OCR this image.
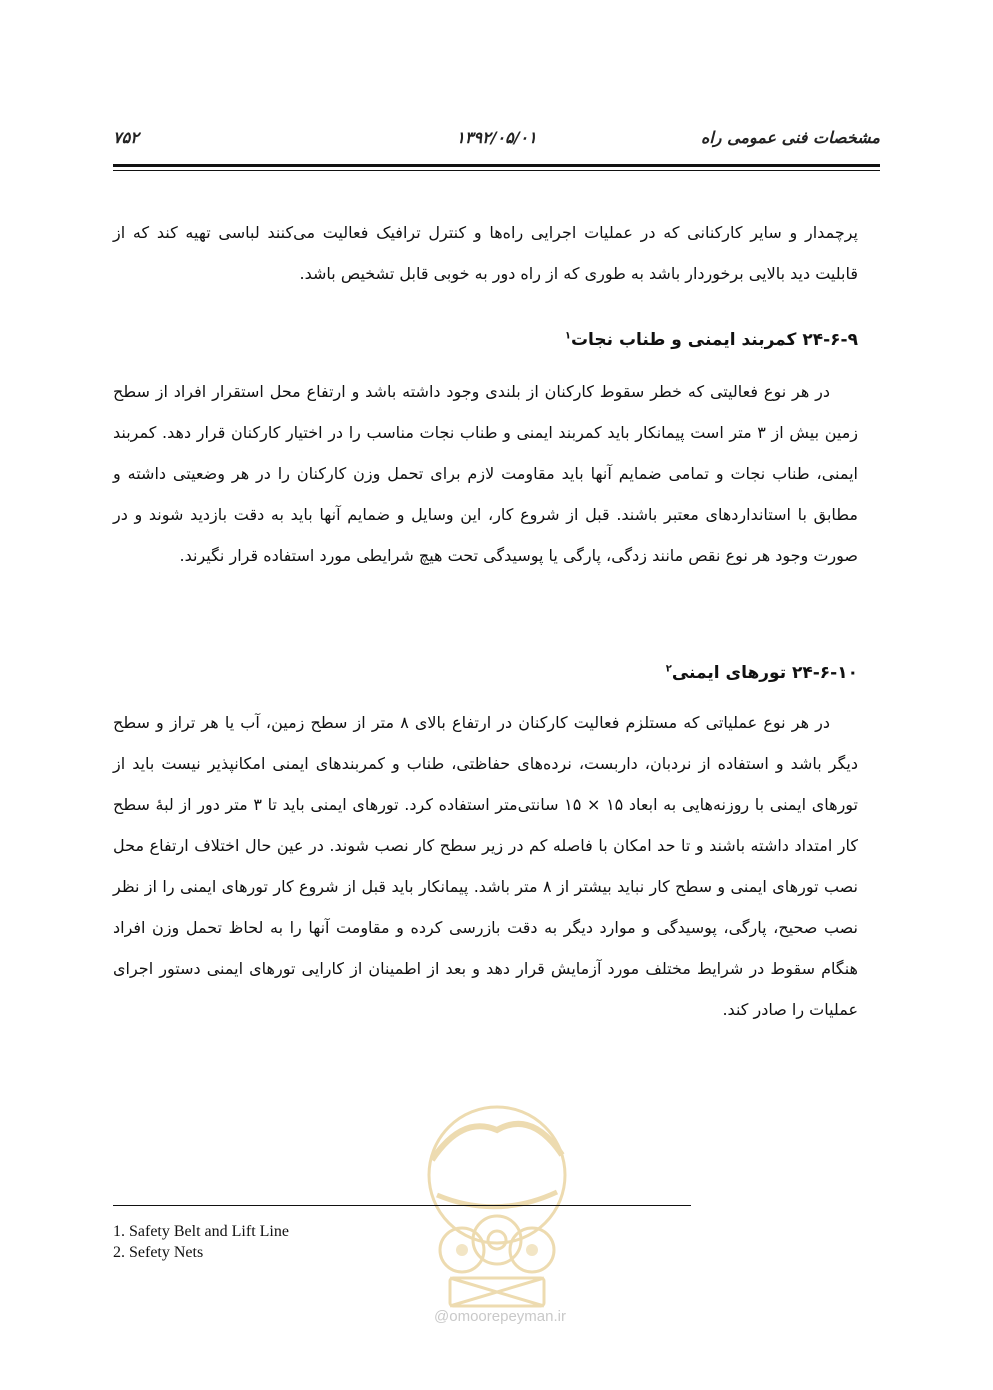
مشخصات فنی عمومی راه
۱۳۹۲/۰۵/۰۱
۷۵۲

پرچمدار و سایر کارکنانی که در عملیات اجرایی راه‌ها و کنترل ترافیک فعالیت می‌کنند لباسی تهیه کند که از قابلیت دید بالایی برخوردار باشد به طوری که از راه دور به خوبی قابل تشخیص باشد.

۲۴-۶-۹ کمربند ایمنی و طناب نجات$^۱$

در هر نوع فعالیتی که خطر سقوط کارکنان از بلندی وجود داشته باشد و ارتفاع محل استقرار افراد از سطح زمین بیش از ۳ متر است پیمانکار باید کمربند ایمنی و طناب نجات مناسب را در اختیار کارکنان قرار دهد. کمربند ایمنی، طناب نجات و تمامی ضمایم آنها باید مقاومت لازم برای تحمل وزن کارکنان را در هر وضعیتی داشته و مطابق با استانداردهای معتبر باشند. قبل از شروع کار، این وسایل و ضمایم آنها باید به دقت بازدید شوند و در صورت وجود هر نوع نقص مانند زدگی، پارگی یا پوسیدگی تحت هیچ شرایطی مورد استفاده قرار نگیرند.

۲۴-۶-۱۰ تورهای ایمنی$^۲$

در هر نوع عملیاتی که مستلزم فعالیت کارکنان در ارتفاع بالای ۸ متر از سطح زمین، آب یا هر تراز و سطح دیگر باشد و استفاده از نردبان، داربست، نرده‌های حفاظتی، طناب و کمربندهای ایمنی امکانپذیر نیست باید از تورهای ایمنی با روزنه‌هایی به ابعاد ۱۵ × ۱۵ سانتی‌متر استفاده کرد. تورهای ایمنی باید تا ۳ متر دور از لبهٔ سطح کار امتداد داشته باشند و تا حد امکان با فاصله کم در زیر سطح کار نصب شوند. در عین حال اختلاف ارتفاع محل نصب تورهای ایمنی و سطح کار نباید بیشتر از ۸ متر باشد. پیمانکار باید قبل از شروع کار تورهای ایمنی را از نظر نصب صحیح، پارگی، پوسیدگی و موارد دیگر به دقت بازرسی کرده و مقاومت آنها را به لحاظ تحمل وزن افراد هنگام سقوط در شرایط مختلف مورد آزمایش قرار دهد و بعد از اطمینان از کارایی تورهای ایمنی دستور اجرای عملیات را صادر کند.

@omoorepeyman.ir
1. Safety Belt and Lift Line
2. Sefety Nets
